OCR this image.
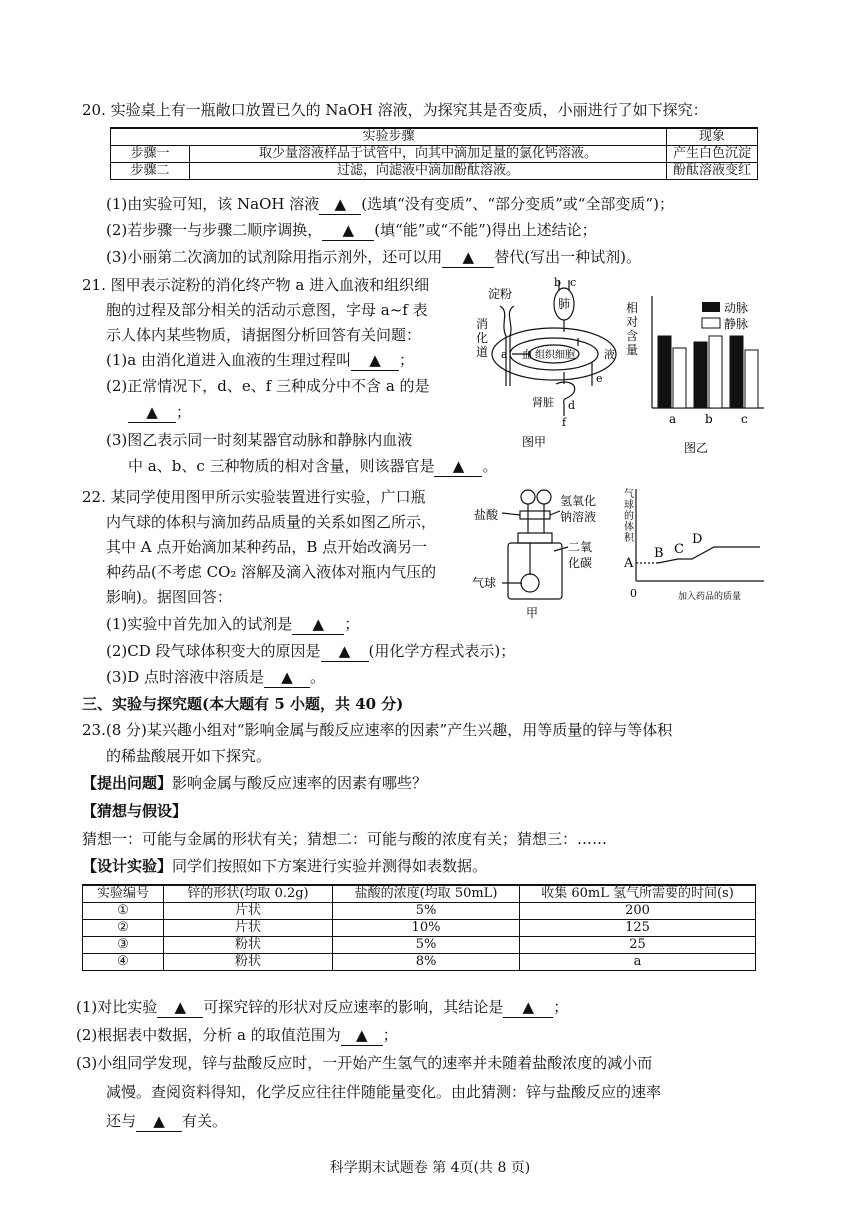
20. 实验桌上有一瓶敞口放置已久的 NaOH 溶液，为探究其是否变质，小丽进行了如下探究：
实验步骤		现象
步骤一	取少量溶液样品于试管中，向其中滴加足量的氯化钙溶液。	产生白色沉淀
步骤二	过滤，向滤液中滴加酚酞溶液。	酚酞溶液变红
(1)由实验可知，该 NaOH 溶液 ▲ (选填“没有变质”、“部分变质”或“全部变质”)；
(2)若步骤一与步骤二顺序调换， ▲ (填“能”或“不能”)得出上述结论；
(3)小丽第二次滴加的试剂除用指示剂外，还可以用 ▲ 替代(写出一种试剂)。
21. 图甲表示淀粉的消化终产物 a 进入血液和组织细
胞的过程及部分相关的活动示意图，字母 a~f 表
示人体内某些物质，请据图分析回答有关问题：
(1)a 由消化道进入血液的生理过程叫 ▲ ；
(2)正常情况下，d、e、f 三种成分中不含 a 的是
▲ ；
(3)图乙表示同一时刻某器官动脉和静脉内血液
中 a、b、c 三种物质的相对含量，则该器官是 ▲ 。
淀粉
消
化
道 a
b c
肺
血 组织细胞	液
e
肾脏 d
f
图甲
相
对
含
量
动脉
静脉
a b c
图乙
22. 某同学使用图甲所示实验装置进行实验，广口瓶
内气球的体积与滴加药品质量的关系如图乙所示，
其中 A 点开始滴加某种药品，B 点开始改滴另一
种药品(不考虑 CO₂ 溶解及滴入液体对瓶内气压的
影响)。据图回答：
(1)实验中首先加入的试剂是 ▲ ；
(2)CD 段气球体积变大的原因是 ▲ (用化学方程式表示)；
(3)D 点时溶液中溶质是 ▲ 。
盐酸
氢氧化
钠溶液
二氧
化碳
气球
甲
气
球
的
体
积
A
B C
D
0	加入药品的质量
三、实验与探究题(本大题有 5 小题，共 40 分)
23.(8 分)某兴趣小组对“影响金属与酸反应速率的因素”产生兴趣，用等质量的锌与等体积
的稀盐酸展开如下探究。
【提出问题】影响金属与酸反应速率的因素有哪些？
【猜想与假设】
猜想一：可能与金属的形状有关；猜想二：可能与酸的浓度有关；猜想三：……
【设计实验】同学们按照如下方案进行实验并测得如表数据。
实验编号	锌的形状(均取 0.2g)	盐酸的浓度(均取 50mL)	收集 60mL 氢气所需要的时间(s)
①	片状	5%	200
②	片状	10%	125
③	粉状	5%	25
④	粉状	8%	a
(1)对比实验 ▲ 可探究锌的形状对反应速率的影响，其结论是 ▲ ；
(2)根据表中数据，分析 a 的取值范围为 ▲ ；
(3)小组同学发现，锌与盐酸反应时，一开始产生氢气的速率并未随着盐酸浓度的减小而
减慢。查阅资料得知，化学反应往往伴随能量变化。由此猜测：锌与盐酸反应的速率
还与 ▲ 有关。
科学期末试题卷 第 4页(共 8 页)
